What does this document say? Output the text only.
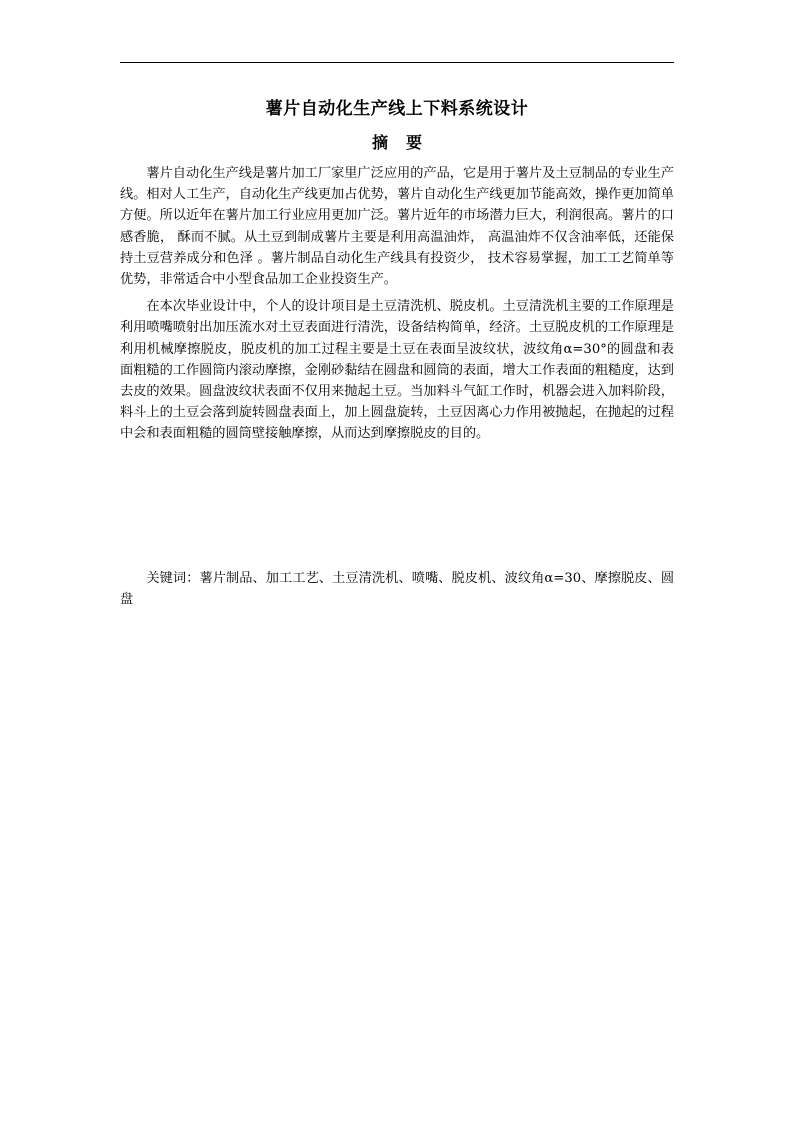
薯片自动化生产线上下料系统设计
摘 要

薯片自动化生产线是薯片加工厂家里广泛应用的产品，它是用于薯片及土豆制品的专业生产线。相对人工生产，自动化生产线更加占优势，薯片自动化生产线更加节能高效，操作更加简单方便。所以近年在薯片加工行业应用更加广泛。薯片近年的市场潜力巨大，利润很高。薯片的口感香脆， 酥而不腻。从土豆到制成薯片主要是利用高温油炸， 高温油炸不仅含油率低，还能保持土豆营养成分和色泽 。薯片制品自动化生产线具有投资少， 技术容易掌握，加工工艺简单等优势，非常适合中小型食品加工企业投资生产。

在本次毕业设计中，个人的设计项目是土豆清洗机、脱皮机。土豆清洗机主要的工作原理是利用喷嘴喷射出加压流水对土豆表面进行清洗，设备结构简单，经济。土豆脱皮机的工作原理是利用机械摩擦脱皮，脱皮机的加工过程主要是土豆在表面呈波纹状，波纹角α=30°的圆盘和表面粗糙的工作圆筒内滚动摩擦，金刚砂黏结在圆盘和圆筒的表面，增大工作表面的粗糙度，达到去皮的效果。圆盘波纹状表面不仅用来抛起土豆。当加料斗气缸工作时，机器会进入加料阶段，料斗上的土豆会落到旋转圆盘表面上，加上圆盘旋转，土豆因离心力作用被抛起，在抛起的过程中会和表面粗糙的圆筒壁接触摩擦，从而达到摩擦脱皮的目的。

关键词：薯片制品、加工工艺、土豆清洗机、喷嘴、脱皮机、波纹角α=30、摩擦脱皮、圆盘
